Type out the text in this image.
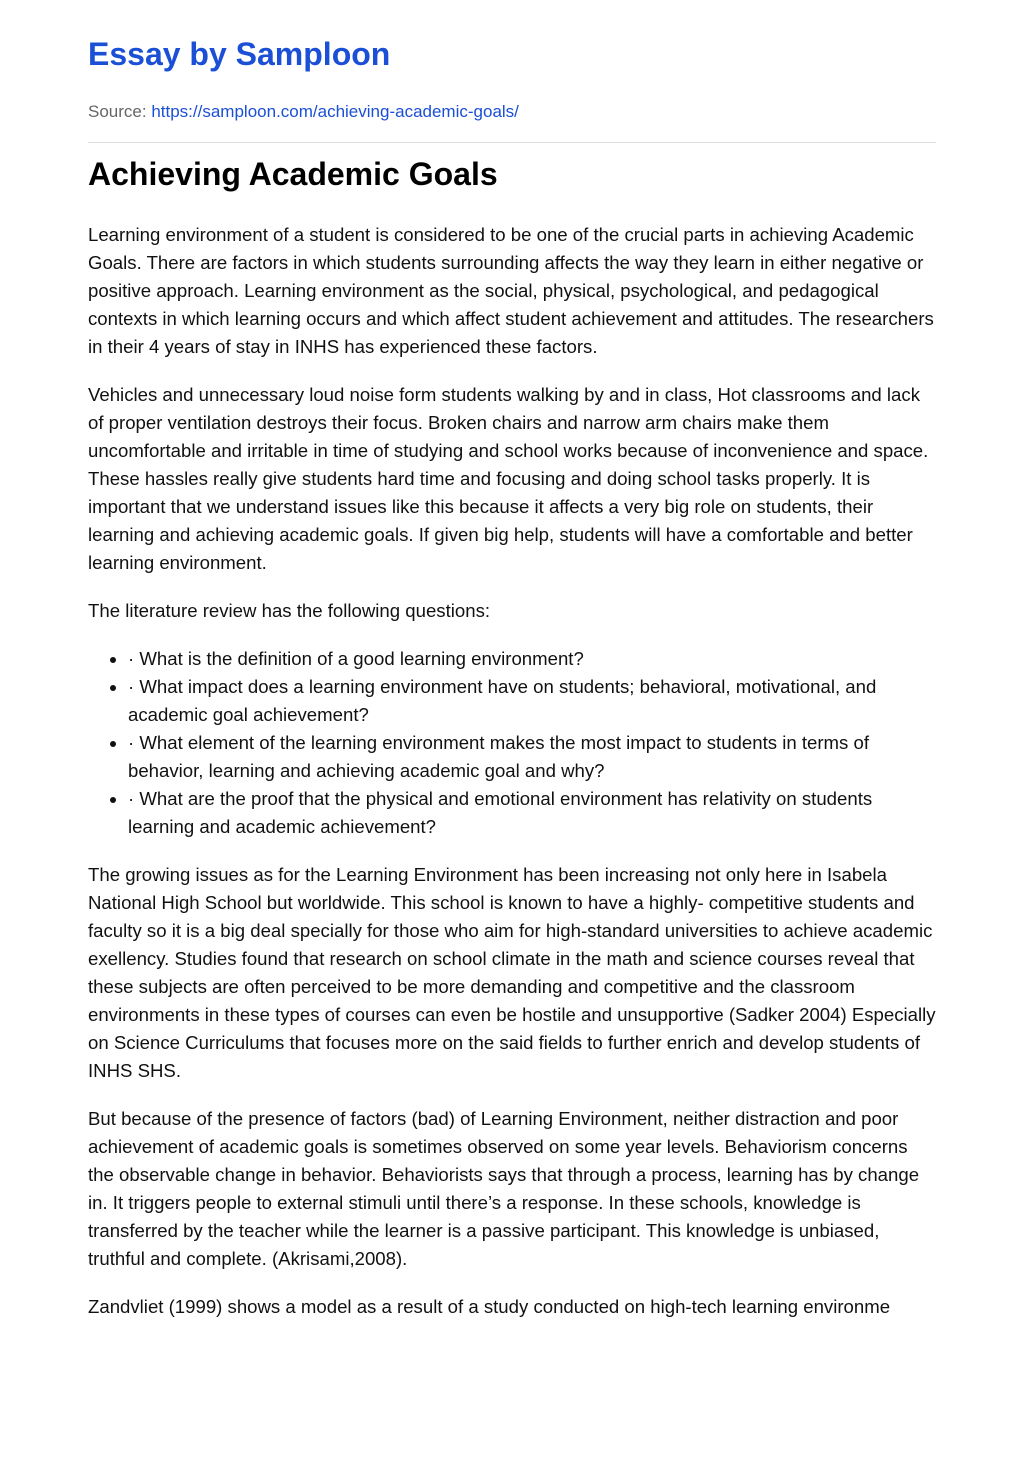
Essay by Samploon
Source: https://samploon.com/achieving-academic-goals/
Achieving Academic Goals

Learning environment of a student is considered to be one of the crucial parts in achieving Academic Goals. There are factors in which students surrounding affects the way they learn in either negative or positive approach. Learning environment as the social, physical, psychological, and pedagogical contexts in which learning occurs and which affect student achievement and attitudes. The researchers in their 4 years of stay in INHS has experienced these factors.

Vehicles and unnecessary loud noise form students walking by and in class, Hot classrooms and lack of proper ventilation destroys their focus. Broken chairs and narrow arm chairs make them uncomfortable and irritable in time of studying and school works because of inconvenience and space. These hassles really give students hard time and focusing and doing school tasks properly. It is important that we understand issues like this because it affects a very big role on students, their learning and achieving academic goals. If given big help, students will have a comfortable and better learning environment.

The literature review has the following questions:

• · What is the definition of a good learning environment?
• · What impact does a learning environment have on students; behavioral, motivational, and academic goal achievement?
• · What element of the learning environment makes the most impact to students in terms of behavior, learning and achieving academic goal and why?
• · What are the proof that the physical and emotional environment has relativity on students learning and academic achievement?

The growing issues as for the Learning Environment has been increasing not only here in Isabela National High School but worldwide. This school is known to have a highly- competitive students and faculty so it is a big deal specially for those who aim for high-standard universities to achieve academic exellency. Studies found that research on school climate in the math and science courses reveal that these subjects are often perceived to be more demanding and competitive and the classroom environments in these types of courses can even be hostile and unsupportive (Sadker 2004) Especially on Science Curriculums that focuses more on the said fields to further enrich and develop students of INHS SHS.

But because of the presence of factors (bad) of Learning Environment, neither distraction and poor achievement of academic goals is sometimes observed on some year levels. Behaviorism concerns the observable change in behavior. Behaviorists says that through a process, learning has by change in. It triggers people to external stimuli until there’s a response. In these schools, knowledge is transferred by the teacher while the learner is a passive participant. This knowledge is unbiased, truthful and complete. (Akrisami,2008).

Zandvliet (1999) shows a model as a result of a study conducted on high-tech learning environme
